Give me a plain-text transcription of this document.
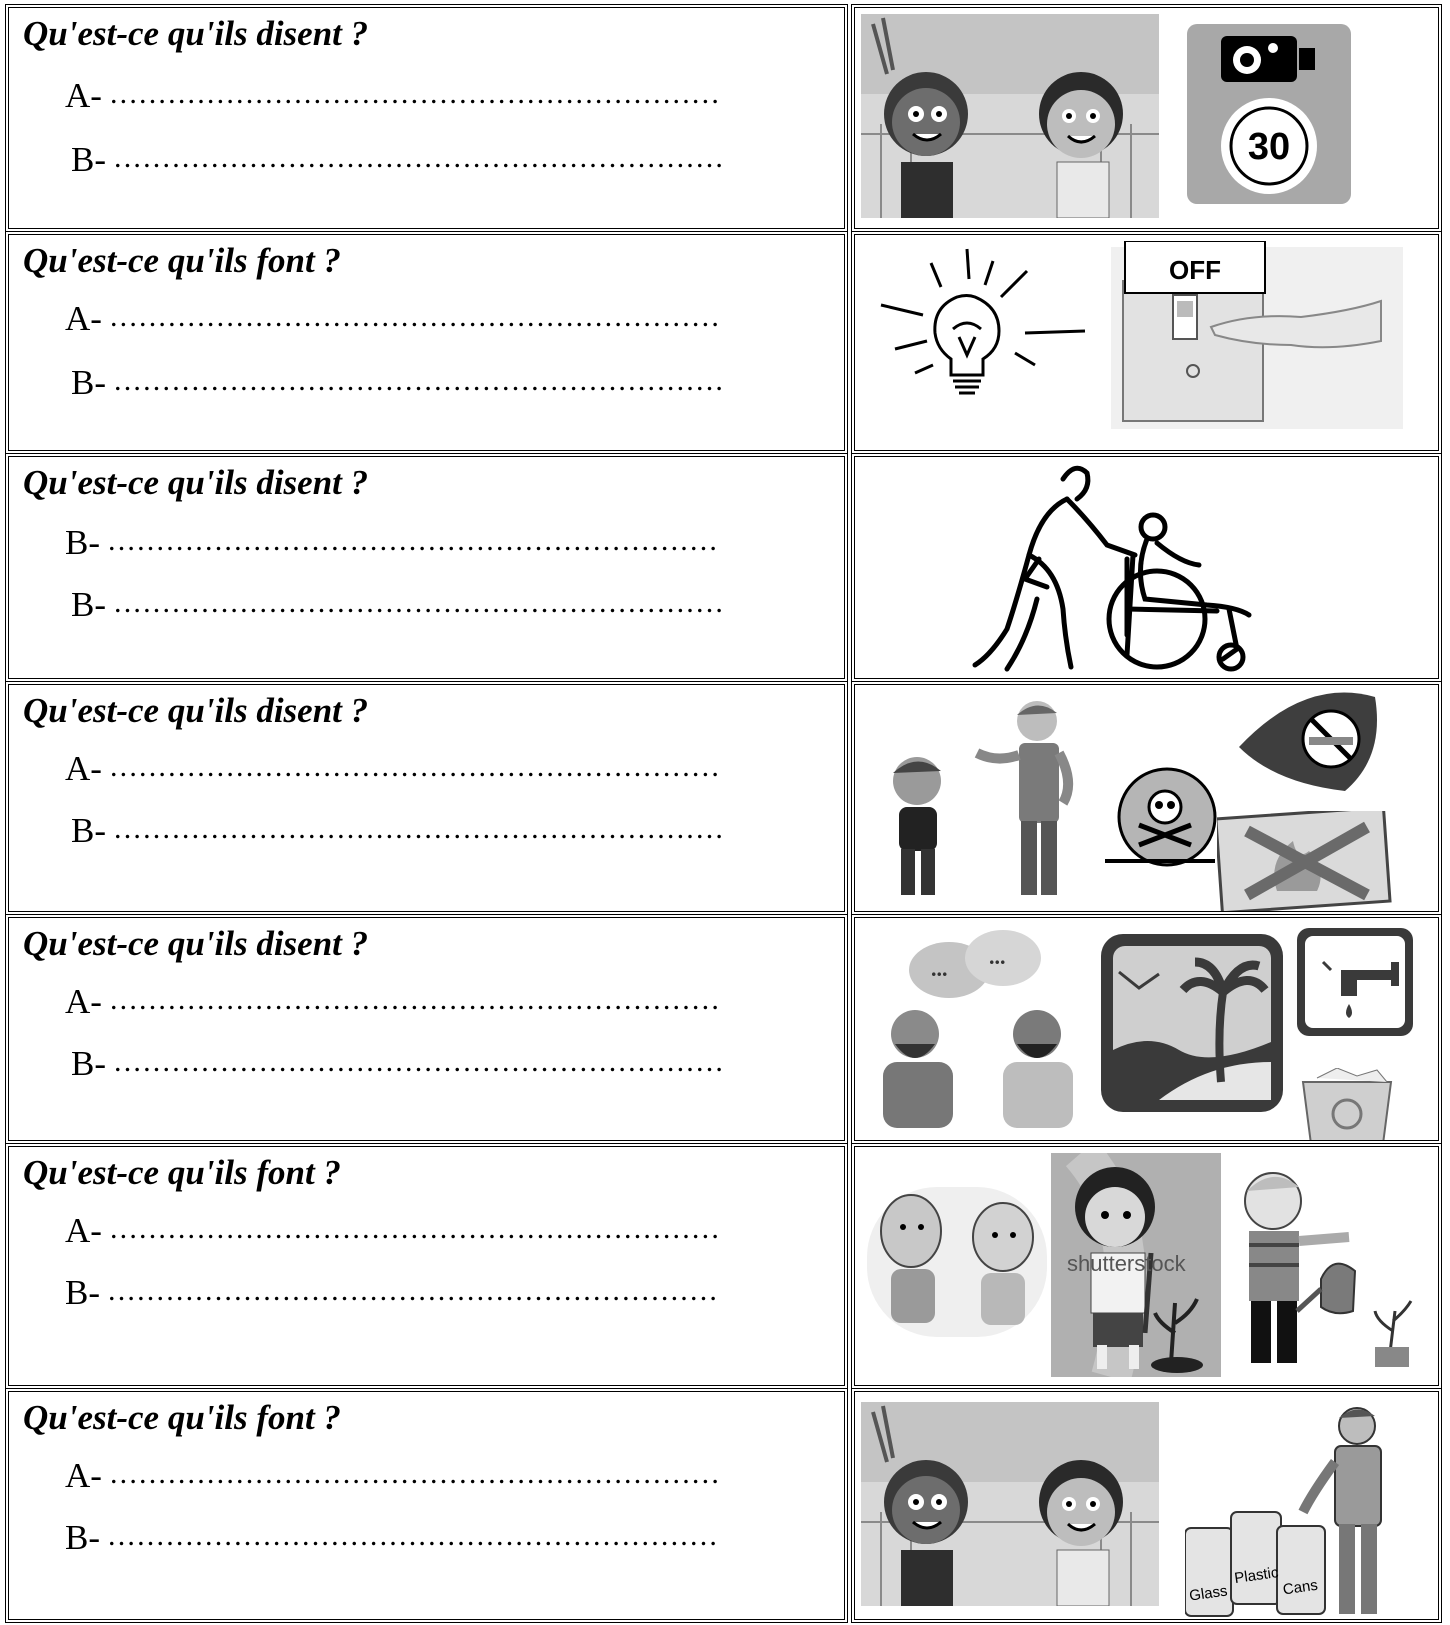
Qu'est-ce qu'ils disent ?
A- ...............................................................
B- ...............................................................	30
Qu'est-ce qu'ils font ?
A- ...............................................................
B- ...............................................................
OFF
Qu'est-ce qu'ils disent ?
B- ...............................................................
B- ...............................................................
Qu'est-ce qu'ils disent ?
A- ...............................................................
B- ...............................................................
Qu'est-ce qu'ils disent ?
A- ...............................................................
B- ...............................................................
... ...
Qu'est-ce qu'ils font ?
A- ...............................................................
B- ...............................................................
shutterstock
Qu'est-ce qu'ils font ?
A- ...............................................................
B- ...............................................................
Glass
Plastic
Cans
